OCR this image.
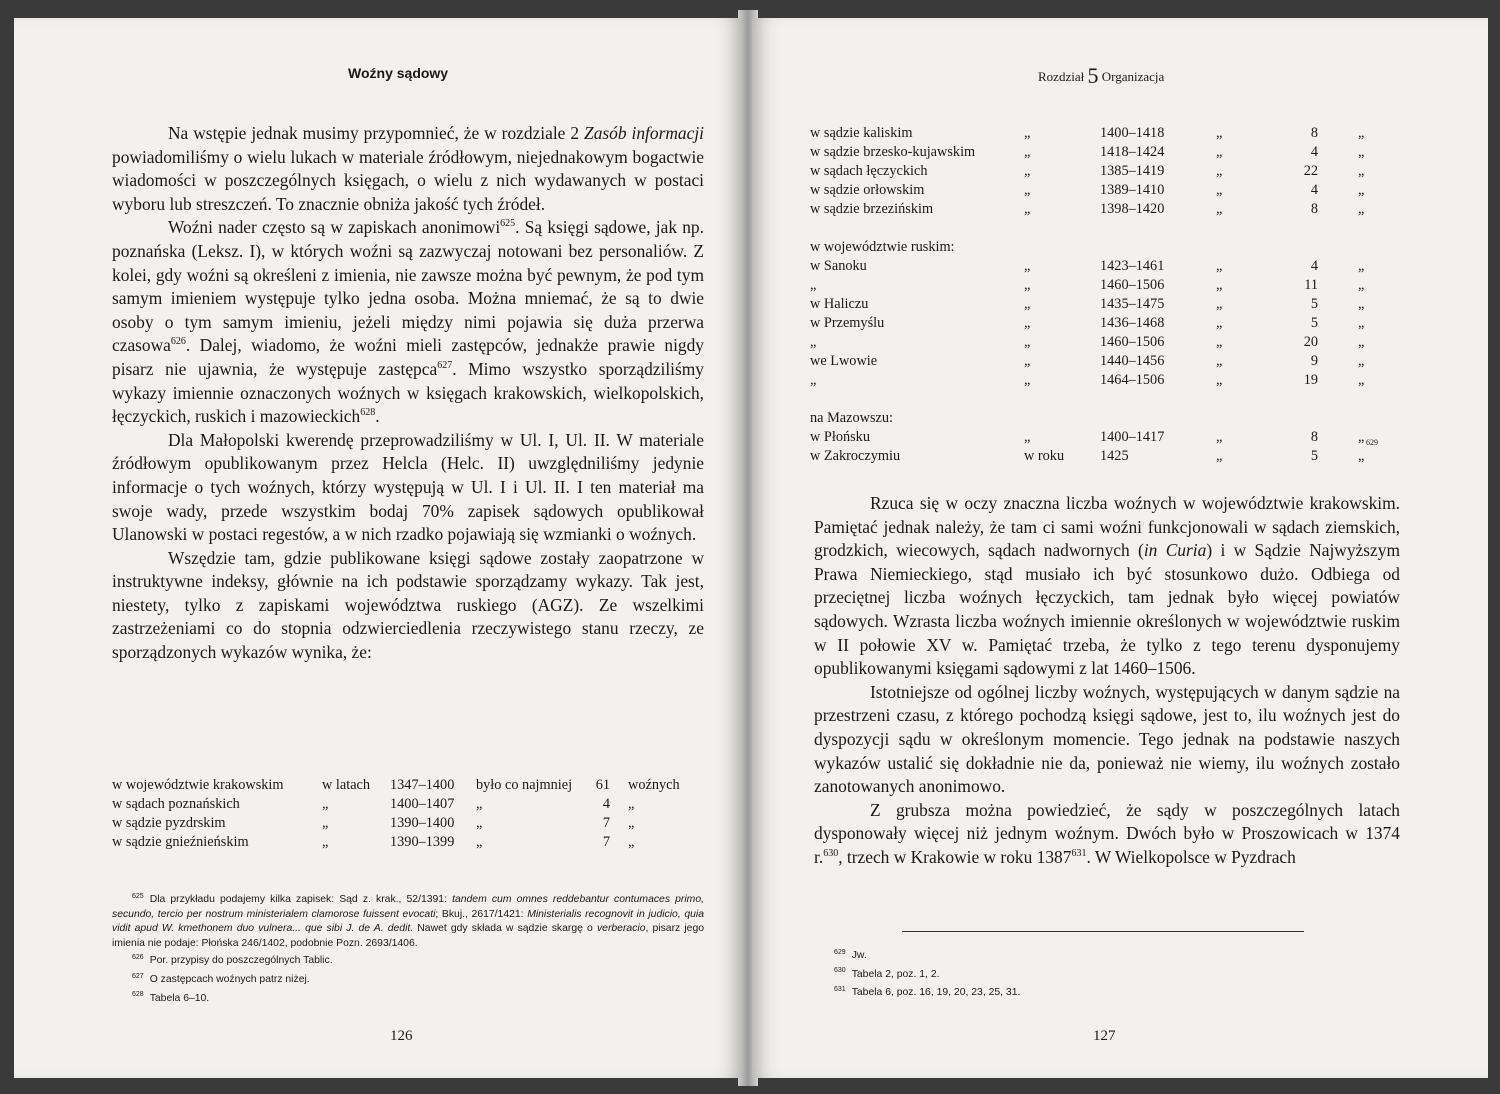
Woźny sądowy

Na wstępie jednak musimy przypomnieć, że w rozdziale 2 Zasób informacji powiadomiliśmy o wielu lukach w materiale źródłowym, niejednakowym bogactwie wiadomości w poszczególnych księgach, o wielu z nich wydawanych w postaci wyboru lub streszczeń. To znacznie obniża jakość tych źródeł.

Woźni nader często są w zapiskach anonimowi$^{625}$. Są księgi sądowe, jak np. poznańska (Leksz. I), w których woźni są zazwyczaj notowani bez personaliów. Z kolei, gdy woźni są określeni z imienia, nie zawsze można być pewnym, że pod tym samym imieniem występuje tylko jedna osoba. Można mniemać, że są to dwie osoby o tym samym imieniu, jeżeli między nimi pojawia się duża przerwa czasowa$^{626}$. Dalej, wiadomo, że woźni mieli zastępców, jednakże prawie nigdy pisarz nie ujawnia, że występuje zastępca$^{627}$. Mimo wszystko sporządziliśmy wykazy imiennie oznaczonych woźnych w księgach krakowskich, wielkopolskich, łęczyckich, ruskich i mazowieckich$^{628}$.

Dla Małopolski kwerendę przeprowadziliśmy w Ul. I, Ul. II. W materiale źródłowym opublikowanym przez Helcla (Helc. II) uwzględniliśmy jedynie informacje o tych woźnych, którzy występują w Ul. I i Ul. II. I ten materiał ma swoje wady, przede wszystkim bodaj 70% zapisek sądowych opublikował Ulanowski w postaci regestów, a w nich rzadko pojawiają się wzmianki o woźnych.

Wszędzie tam, gdzie publikowane księgi sądowe zostały zaopatrzone w instruktywne indeksy, głównie na ich podstawie sporządzamy wykazy. Tak jest, niestety, tylko z zapiskami województwa ruskiego (AGZ). Ze wszelkimi zastrzeżeniami co do stopnia odzwierciedlenia rzeczywistego stanu rzeczy, ze sporządzonych wykazów wynika, że:

w województwie krakowskim	w latach 1347–1400 było co najmniej	61 woźnych
w sądach poznańskich	„	1400–1407 „	4 „
w sądzie pyzdrskim	„	1390–1400 „	7 „
w sądzie gnieźnieńskim	„	1390–1399 „	7 „
$^{625}$ Dla przykładu podajemy kilka zapisek: Sąd z. krak., 52/1391: tandem cum omnes reddebantur contumaces primo, secundo, tercio per nostrum ministerialem clamorose fuissent evocati; Bkuj., 2617/1421: Ministerialis recognovit in judicio, quia vidit apud W. kmethonem duo vulnera... que sibi J. de A. dedit. Nawet gdy składa w sądzie skargę o verberacio, pisarz jego imienia nie podaje: Płońska 246/1402, podobnie Pozn. 2693/1406.
$^{626}$ Por. przypisy do poszczególnych Tablic.
$^{627}$ O zastępcach woźnych patrz niżej.
$^{628}$ Tabela 6–10.
126
Rozdział 5 Organizacja
w sądzie kaliskim	„	1400–1418	„	8	„
w sądzie brzesko-kujawskim	„	1418–1424	„	4	„
w sądach łęczyckich	„	1385–1419	„	22	„
w sądzie orłowskim	„	1389–1410	„	4	„
w sądzie brzezińskim	„	1398–1420	„	8	„
w województwie ruskim:
w Sanoku	„	1423–1461	„	4	„
„	„	1460–1506	„	11	„
w Haliczu	„	1435–1475	„	5	„
w Przemyślu	„	1436–1468	„	5	„
„	„	1460–1506	„	20	„
we Lwowie	„	1440–1456	„	9	„
„	„	1464–1506	„	19	„
na Mazowszu:
w Płońsku	„	1400–1417	„	8	„
w Zakroczymiu	w roku	1425	„	5	„
629

Rzuca się w oczy znaczna liczba woźnych w województwie krakowskim. Pamiętać jednak należy, że tam ci sami woźni funkcjonowali w sądach ziemskich, grodzkich, wiecowych, sądach nadwornych (in Curia) i w Sądzie Najwyższym Prawa Niemieckiego, stąd musiało ich być stosunkowo dużo. Odbiega od przeciętnej liczba woźnych łęczyckich, tam jednak było więcej powiatów sądowych. Wzrasta liczba woźnych imiennie określonych w województwie ruskim w II połowie XV w. Pamiętać trzeba, że tylko z tego terenu dysponujemy opublikowanymi księgami sądowymi z lat 1460–1506.

Istotniejsze od ogólnej liczby woźnych, występujących w danym sądzie na przestrzeni czasu, z którego pochodzą księgi sądowe, jest to, ilu woźnych jest do dyspozycji sądu w określonym momencie. Tego jednak na podstawie naszych wykazów ustalić się dokładnie nie da, ponieważ nie wiemy, ilu woźnych zostało zanotowanych anonimowo.

Z grubsza można powiedzieć, że sądy w poszczególnych latach dysponowały więcej niż jednym woźnym. Dwóch było w Proszowicach w 1374 r.$^{630}$, trzech w Krakowie w roku 1387$^{631}$. W Wielkopolsce w Pyzdrach

$^{629}$ Jw.
$^{630}$ Tabela 2, poz. 1, 2.
$^{631}$ Tabela 6, poz. 16, 19, 20, 23, 25, 31.
127
